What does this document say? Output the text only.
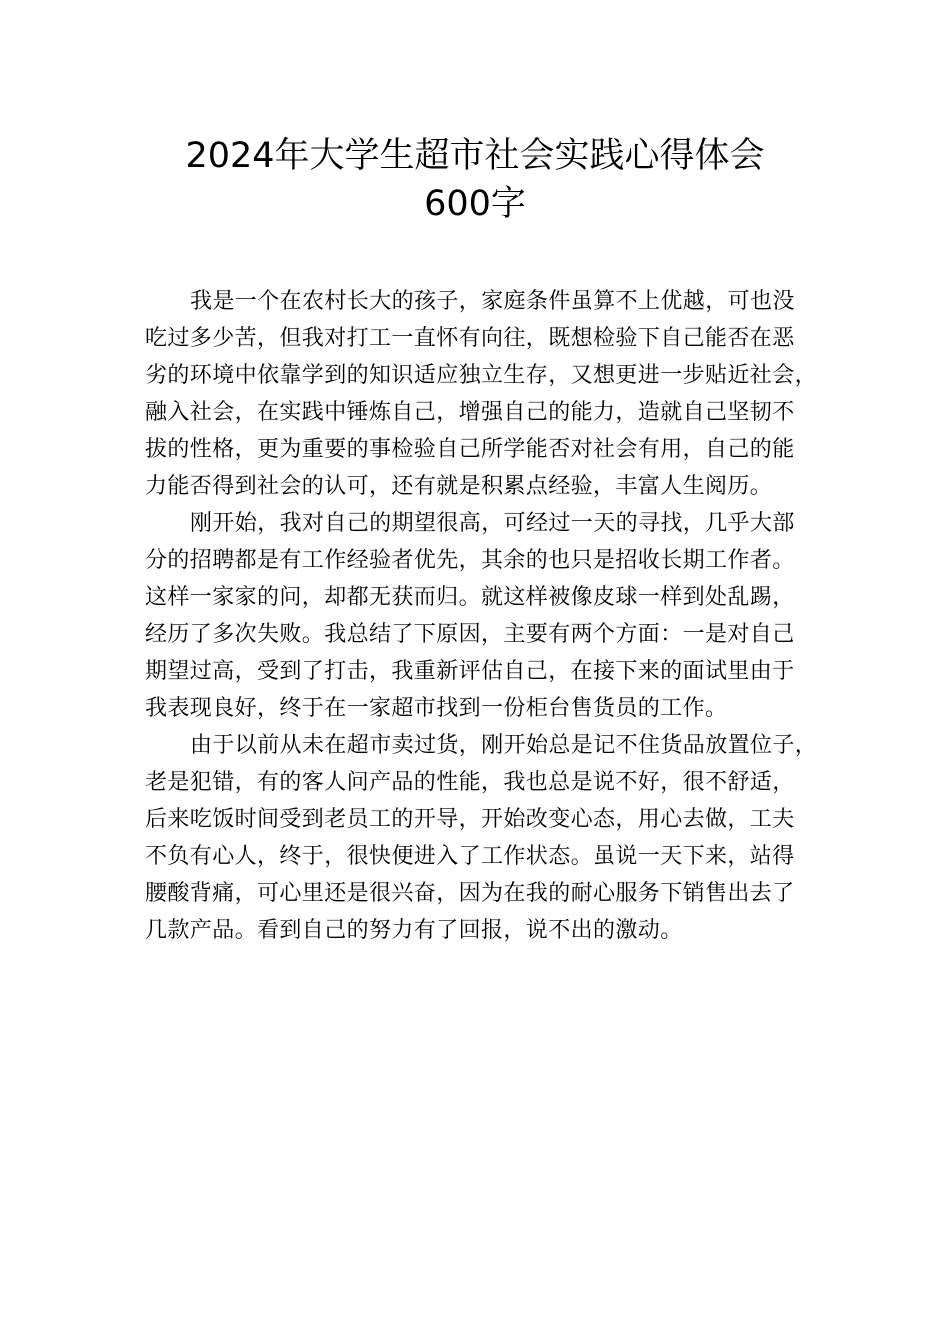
2024年大学生超市社会实践心得体会
600字
我是一个在农村长大的孩子，家庭条件虽算不上优越，可也没
吃过多少苦，但我对打工一直怀有向往，既想检验下自己能否在恶
劣的环境中依靠学到的知识适应独立生存，又想更进一步贴近社会，
融入社会，在实践中锤炼自己，增强自己的能力，造就自己坚韧不
拔的性格，更为重要的事检验自己所学能否对社会有用，自己的能
力能否得到社会的认可，还有就是积累点经验，丰富人生阅历。
刚开始，我对自己的期望很高，可经过一天的寻找，几乎大部
分的招聘都是有工作经验者优先，其余的也只是招收长期工作者。
这样一家家的问，却都无获而归。就这样被像皮球一样到处乱踢，
经历了多次失败。我总结了下原因，主要有两个方面：一是对自己
期望过高，受到了打击，我重新评估自己，在接下来的面试里由于
我表现良好，终于在一家超市找到一份柜台售货员的工作。
由于以前从未在超市卖过货，刚开始总是记不住货品放置位子，
老是犯错，有的客人问产品的性能，我也总是说不好，很不舒适，
后来吃饭时间受到老员工的开导，开始改变心态，用心去做，工夫
不负有心人，终于，很快便进入了工作状态。虽说一天下来，站得
腰酸背痛，可心里还是很兴奋，因为在我的耐心服务下销售出去了
几款产品。看到自己的努力有了回报，说不出的激动。
